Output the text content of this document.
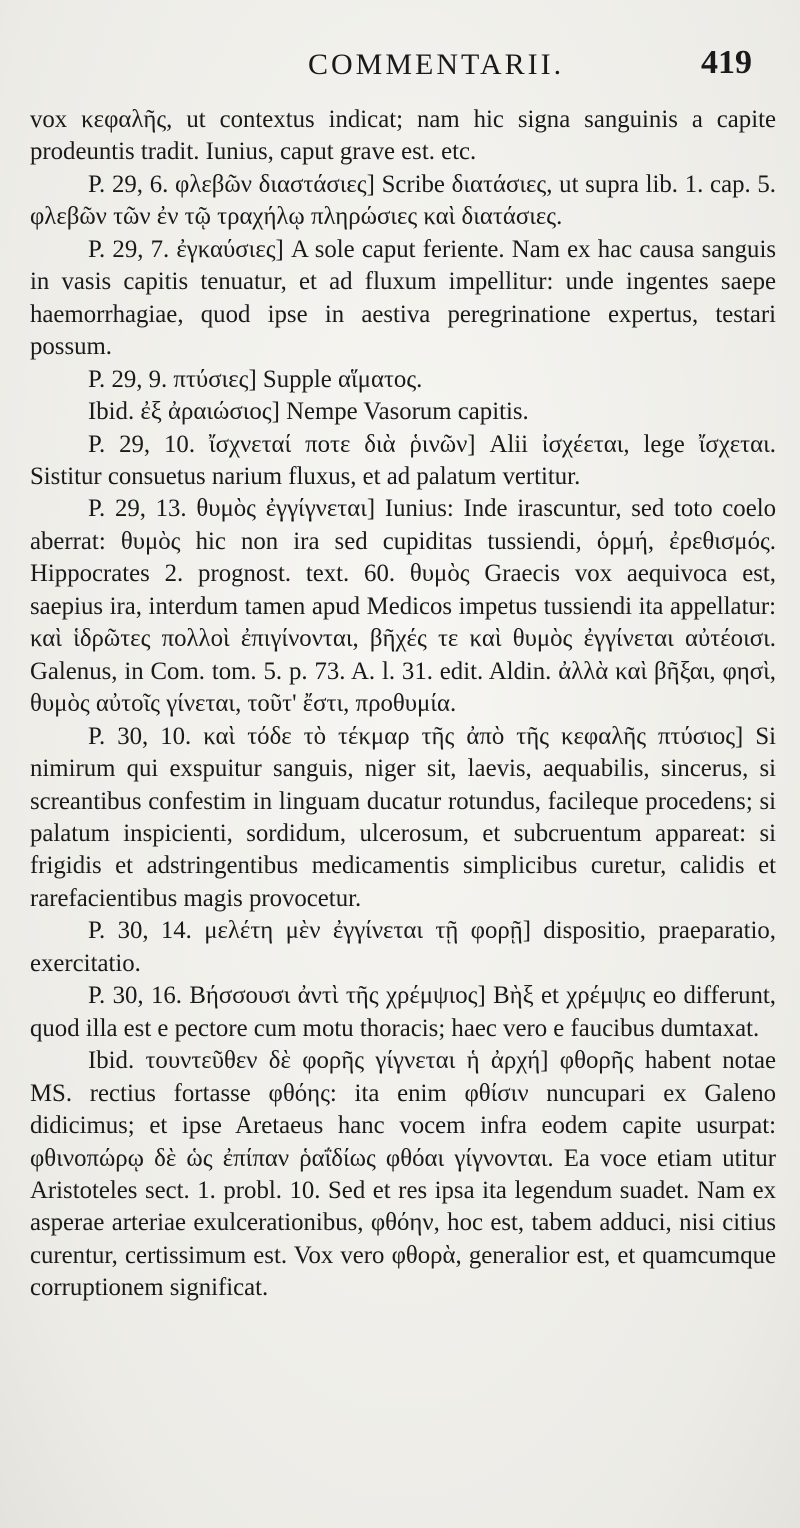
COMMENTARII.	419

vox κεφαλῆς, ut contextus indicat; nam hic signa sanguinis a capite prodeuntis tradit. Iunius, caput grave est. etc.

P. 29, 6. φλεβῶν διαστάσιες] Scribe διατάσιες, ut supra lib. 1. cap. 5. φλεβῶν τῶν ἐν τῷ τραχήλῳ πληρώσιες καὶ διατάσιες.

P. 29, 7. ἐγκαύσιες] A sole caput feriente. Nam ex hac causa sanguis in vasis capitis tenuatur, et ad fluxum impellitur: unde ingentes saepe haemorrhagiae, quod ipse in aestiva peregrinatione expertus, testari possum.

P. 29, 9. πτύσιες] Supple αἵματος.

Ibid. ἐξ ἀραιώσιος] Nempe Vasorum capitis.

P. 29, 10. ἴσχνεταί ποτε διὰ ῥινῶν] Alii ἰσχέεται, lege ἴσχεται. Sistitur consuetus narium fluxus, et ad palatum vertitur.

P. 29, 13. θυμὸς ἐγγίγνεται] Iunius: Inde irascuntur, sed toto coelo aberrat: θυμὸς hic non ira sed cupiditas tussiendi, ὁρμή, ἐρεθισμός. Hippocrates 2. prognost. text. 60. θυμὸς Graecis vox aequivoca est, saepius ira, interdum tamen apud Medicos impetus tussiendi ita appellatur: καὶ ἱδρῶτες πολλοὶ ἐπιγίνονται, βῆχές τε καὶ θυμὸς ἐγγίνεται αὐτέοισι. Galenus, in Com. tom. 5. p. 73. A. l. 31. edit. Aldin. ἀλλὰ καὶ βῆξαι, φησὶ, θυμὸς αὐτοῖς γίνεται, τοῦτ' ἔστι, προθυμία.

P. 30, 10. καὶ τόδε τὸ τέκμαρ τῆς ἀπὸ τῆς κεφαλῆς πτύσιος] Si nimirum qui exspuitur sanguis, niger sit, laevis, aequabilis, sincerus, si screantibus confestim in linguam ducatur rotundus, facileque procedens; si palatum inspicienti, sordidum, ulcerosum, et subcruentum appareat: si frigidis et adstringentibus medicamentis simplicibus curetur, calidis et rarefacientibus magis provocetur.

P. 30, 14. μελέτη μὲν ἐγγίνεται τῇ φορῇ] dispositio, praeparatio, exercitatio.

P. 30, 16. Βήσσουσι ἀντὶ τῆς χρέμψιος] Βὴξ et χρέμψις eo differunt, quod illa est e pectore cum motu thoracis; haec vero e faucibus dumtaxat.

Ibid. τουντεῦθεν δὲ φορῆς γίγνεται ἡ ἀρχή] φθορῆς habent notae MS. rectius fortasse φθόης: ita enim φθίσιν nuncupari ex Galeno didicimus; et ipse Aretaeus hanc vocem infra eodem capite usurpat: φθινοπώρῳ δὲ ὡς ἐπίπαν ῥαΐδίως φθόαι γίγνονται. Ea voce etiam utitur Aristoteles sect. 1. probl. 10. Sed et res ipsa ita legendum suadet. Nam ex asperae arteriae exulcerationibus, φθόην, hoc est, tabem adduci, nisi citius curentur, certissimum est. Vox vero φθορὰ, generalior est, et quamcumque corruptionem significat.
